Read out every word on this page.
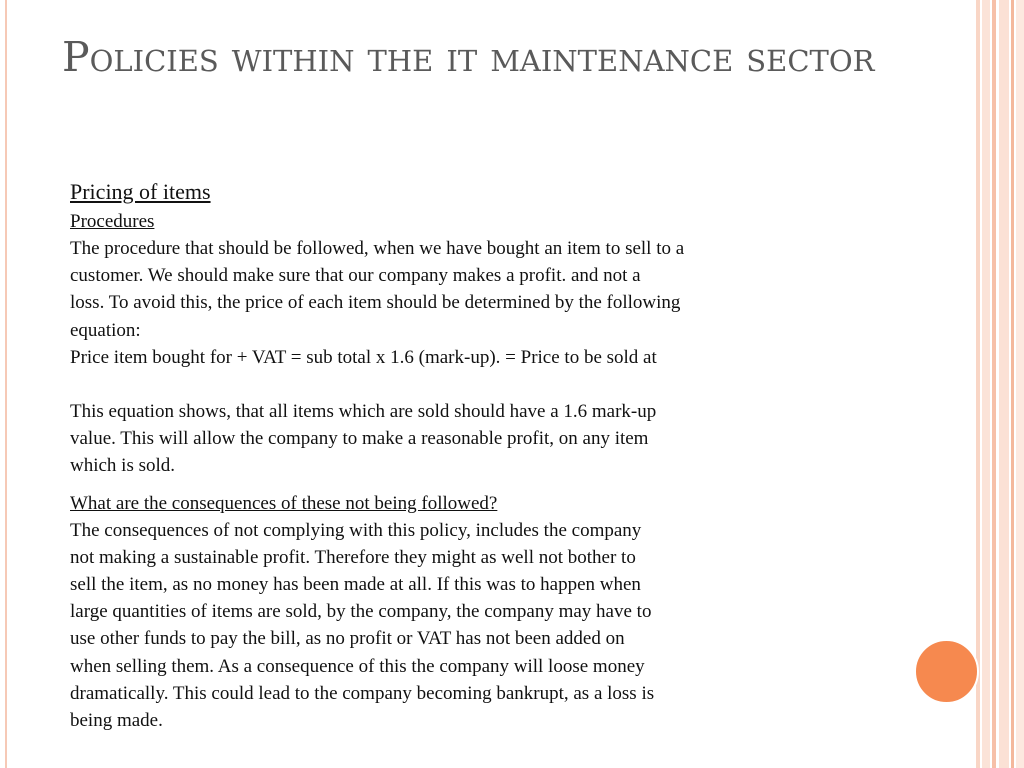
Policies within the it maintenance sector
Pricing of items
Procedures
The procedure that should be followed, when we have bought an item to sell to a
customer. We should make sure that our company makes a profit. and not a
loss. To avoid this, the price of each item should be determined by the following
equation:
Price item bought for + VAT = sub total x 1.6 (mark-up). = Price to be sold at
This equation shows, that all items which are sold should have a 1.6 mark-up
value. This will allow the company to make a reasonable profit, on any item
which is sold.
What are the consequences of these not being followed?
The consequences of not complying with this policy, includes the company
not making a sustainable profit. Therefore they might as well not bother to
sell the item, as no money has been made at all. If this was to happen when
large quantities of items are sold, by the company, the company may have to
use other funds to pay the bill, as no profit or VAT has not been added on
when selling them. As a consequence of this the company will loose money
dramatically. This could lead to the company becoming bankrupt, as a loss is
being made.
